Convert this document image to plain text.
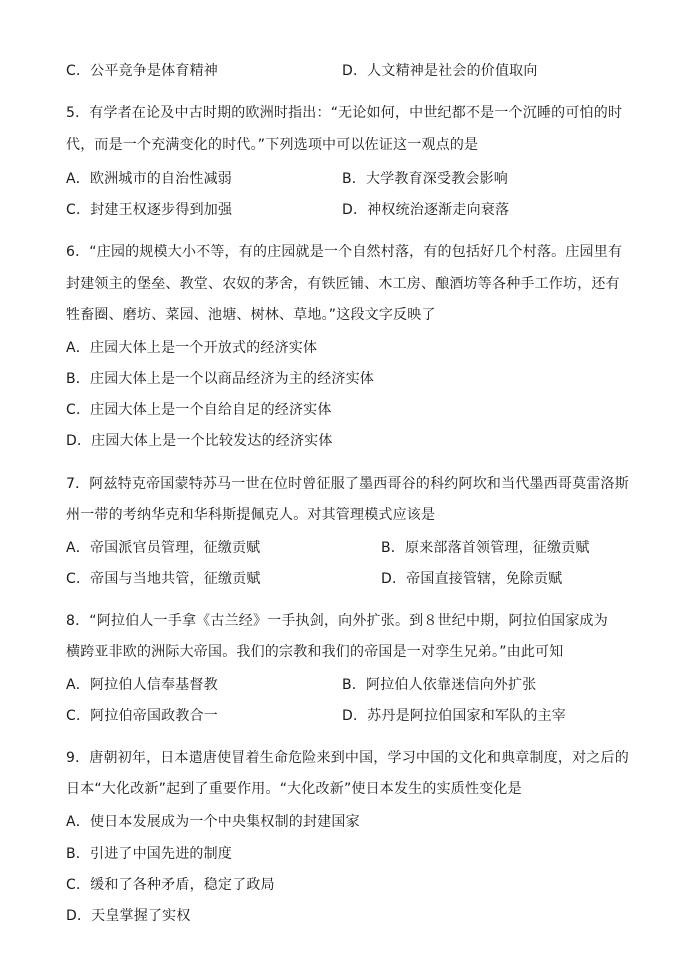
C．公平竞争是体育精神	D．人文精神是社会的价值取向
5．有学者在论及中古时期的欧洲时指出：“无论如何，中世纪都不是一个沉睡的可怕的时
代，而是一个充满变化的时代。”下列选项中可以佐证这一观点的是
A．欧洲城市的自治性减弱	B．大学教育深受教会影响
C．封建王权逐步得到加强	D．神权统治逐渐走向衰落
6．“庄园的规模大小不等，有的庄园就是一个自然村落，有的包括好几个村落。庄园里有
封建领主的堡垒、教堂、农奴的茅舍，有铁匠铺、木工房、酿酒坊等各种手工作坊，还有
牲畜圈、磨坊、菜园、池塘、树林、草地。”这段文字反映了
A．庄园大体上是一个开放式的经济实体
B．庄园大体上是一个以商品经济为主的经济实体
C．庄园大体上是一个自给自足的经济实体
D．庄园大体上是一个比较发达的经济实体
7．阿兹特克帝国蒙特苏马一世在位时曾征服了墨西哥谷的科约阿坎和当代墨西哥莫雷洛斯
州一带的考纳华克和华科斯提佩克人。对其管理模式应该是
A．帝国派官员管理，征缴贡赋	B．原来部落首领管理，征缴贡赋
C．帝国与当地共管，征缴贡赋	D．帝国直接管辖，免除贡赋
8．“阿拉伯人一手拿《古兰经》一手执剑，向外扩张。到８世纪中期，阿拉伯国家成为
横跨亚非欧的洲际大帝国。我们的宗教和我们的帝国是一对孪生兄弟。”由此可知
A．阿拉伯人信奉基督教	B．阿拉伯人依靠迷信向外扩张
C．阿拉伯帝国政教合一	D．苏丹是阿拉伯国家和军队的主宰
9．唐朝初年，日本遣唐使冒着生命危险来到中国，学习中国的文化和典章制度，对之后的
日本“大化改新”起到了重要作用。“大化改新”使日本发生的实质性变化是
A．使日本发展成为一个中央集权制的封建国家
B．引进了中国先进的制度
C．缓和了各种矛盾，稳定了政局
D．天皇掌握了实权
